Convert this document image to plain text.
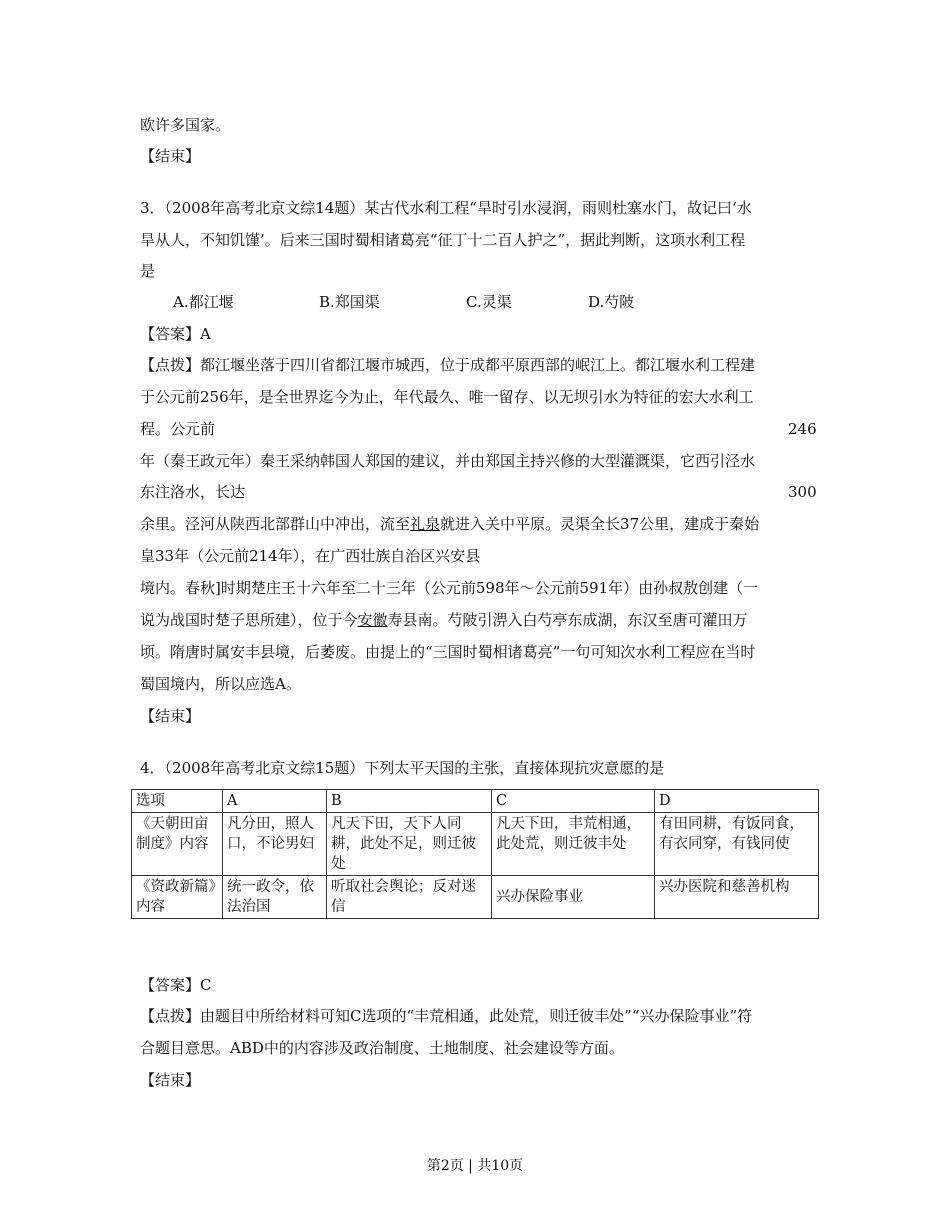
欧许多国家。
【结束】
3．（2008年高考北京文综14题）某古代水利工程“旱时引水浸润，雨则杜塞水门，故记曰‘水
旱从人，不知饥馑’。后来三国时蜀相诸葛亮“征丁十二百人护之”，据此判断，这项水利工程
是
A.都江堰	B.郑国渠	C.灵渠	D.芍陂
【答案】A
【点拨】都江堰坐落于四川省都江堰市城西，位于成都平原西部的岷江上。都江堰水利工程建
于公元前256年，是全世界迄今为止，年代最久、唯一留存、以无坝引水为特征的宏大水利工
程。公元前	246
年（秦王政元年）秦王采纳韩国人郑国的建议，并由郑国主持兴修的大型灌溉渠，它西引泾水
东注洛水，长达	300
余里。泾河从陕西北部群山中冲出，流至礼泉就进入关中平原。灵渠全长37公里，建成于秦始
皇33年（公元前214年），在广西壮族自治区兴安县
境内。春秋]时期楚庄王十六年至二十三年（公元前598年～公元前591年）由孙叔敖创建（一
说为战国时楚子思所建），位于今安徽寿县南。芍陂引淠入白芍亭东成湖，东汉至唐可灌田万
顷。隋唐时属安丰县境，后萎废。由提上的“三国时蜀相诸葛亮”一句可知次水利工程应在当时
蜀国境内，所以应选A。
【结束】
4．（2008年高考北京文综15题）下列太平天国的主张，直接体现抗灾意愿的是
选项	A	B	C	D
《天朝田亩制度》内容	凡分田，照人口，不论男妇	凡天下田，天下人同耕，此处不足，则迁彼处	凡天下田，丰荒相通，此处荒，则迁彼丰处	有田同耕，有饭同食，有衣同穿，有钱同使
《资政新篇》内容	统一政令，依法治国	听取社会舆论；反对迷信	兴办保险事业	兴办医院和慈善机构
【答案】C
【点拨】由题目中所给材料可知C选项的“丰荒相通，此处荒，则迁彼丰处”“兴办保险事业”符
合题目意思。ABD中的内容涉及政治制度、土地制度、社会建设等方面。
【结束】
第2页 | 共10页
